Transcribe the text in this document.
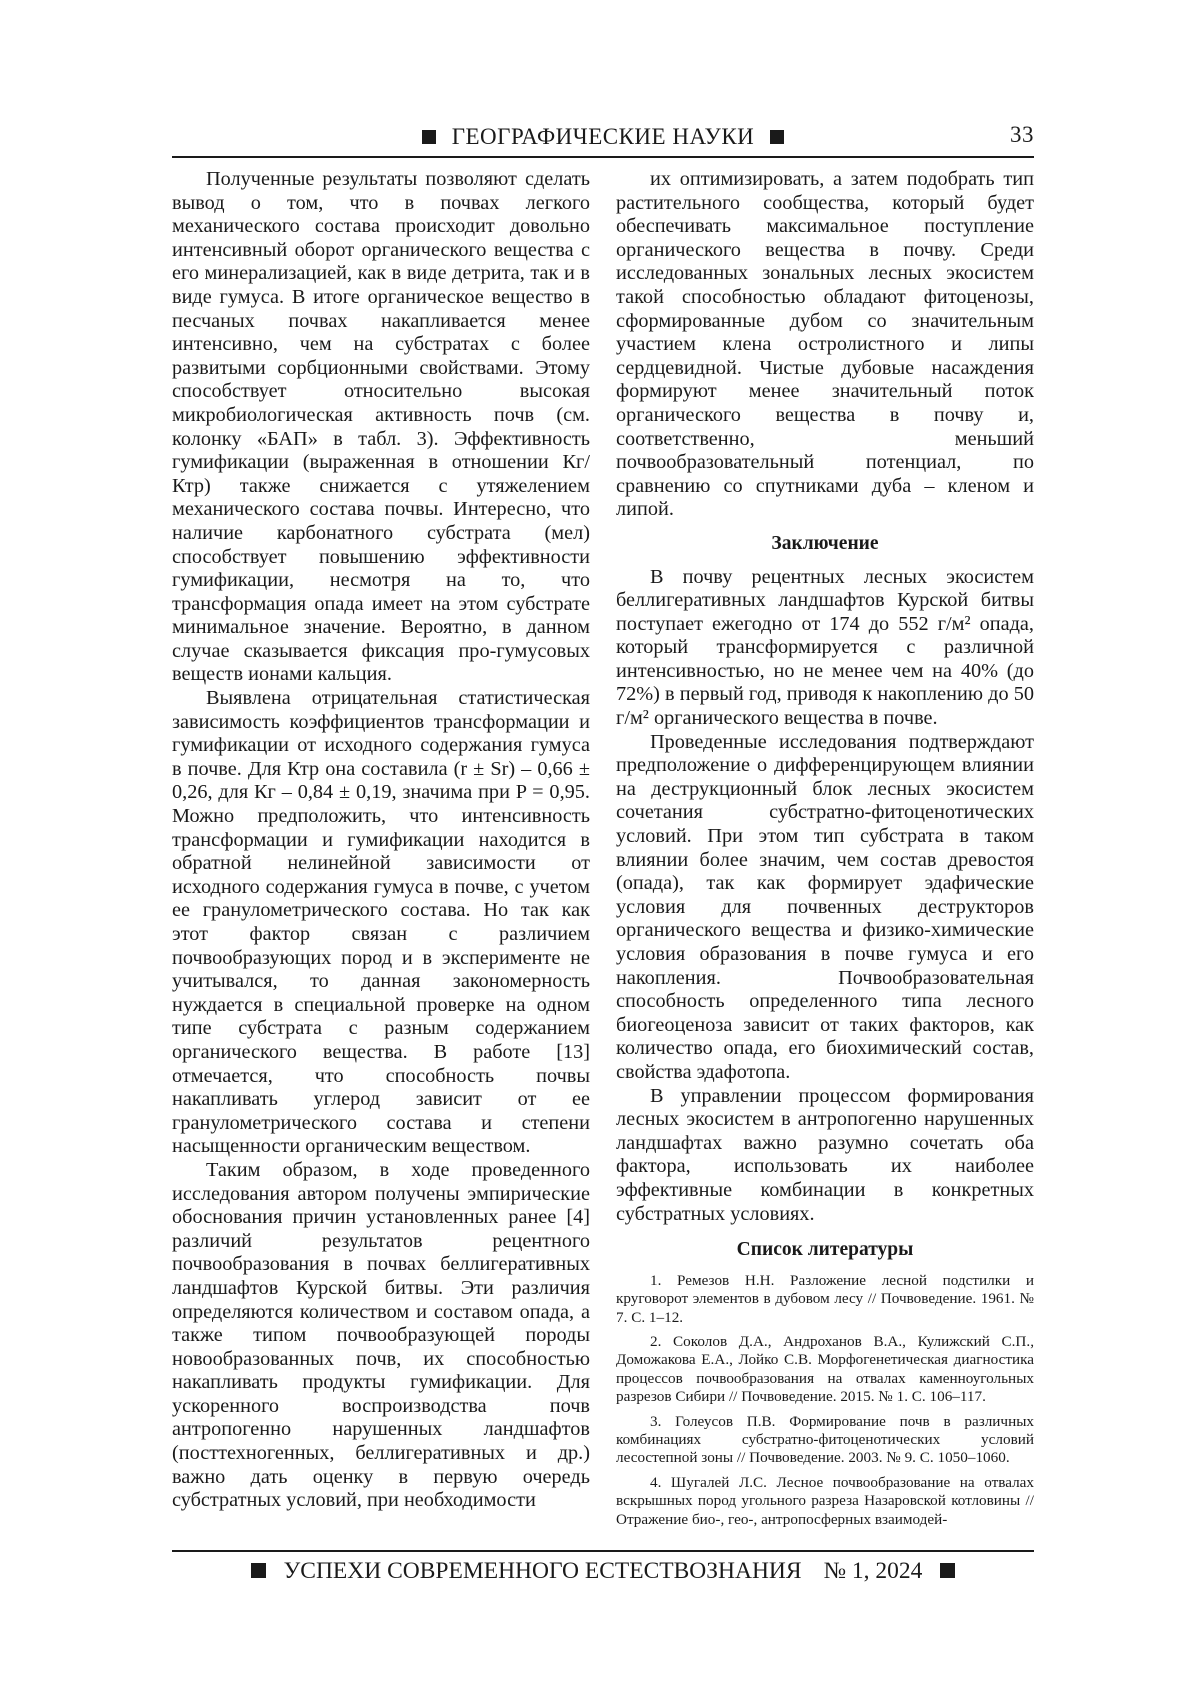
ГЕОГРАФИЧЕСКИЕ НАУКИ	33

Полученные результаты позволяют сделать вывод о том, что в почвах легкого механического состава происходит довольно интенсивный оборот органического вещества с его минерализацией, как в виде детрита, так и в виде гумуса. В итоге органическое вещество в песчаных почвах накапливается менее интенсивно, чем на субстратах с более развитыми сорбционными свойствами. Этому способствует относительно высокая микробиологическая активность почв (см. колонку «БАП» в табл. 3). Эффективность гумификации (выраженная в отношении Кг/Ктр) также снижается с утяжелением механического состава почвы. Интересно, что наличие карбонатного субстрата (мел) способствует повышению эффективности гумификации, несмотря на то, что трансформация опада имеет на этом субстрате минимальное значение. Вероятно, в данном случае сказывается фиксация про-гумусовых веществ ионами кальция.

Выявлена отрицательная статистическая зависимость коэффициентов трансформации и гумификации от исходного содержания гумуса в почве. Для Ктр она составила (r ± Sr) – 0,66 ± 0,26, для Кг – 0,84 ± 0,19, значима при P = 0,95. Можно предположить, что интенсивность трансформации и гумификации находится в обратной нелинейной зависимости от исходного содержания гумуса в почве, с учетом ее гранулометрического состава. Но так как этот фактор связан с различием почвообразующих пород и в эксперименте не учитывался, то данная закономерность нуждается в специальной проверке на одном типе субстрата с разным содержанием органического вещества. В работе [13] отмечается, что способность почвы накапливать углерод зависит от ее гранулометрического состава и степени насыщенности органическим веществом.

Таким образом, в ходе проведенного исследования автором получены эмпирические обоснования причин установленных ранее [4] различий результатов рецентного почвообразования в почвах беллигеративных ландшафтов Курской битвы. Эти различия определяются количеством и составом опада, а также типом почвообразующей породы новообразованных почв, их способностью накапливать продукты гумификации. Для ускоренного воспроизводства почв антропогенно нарушенных ландшафтов (посттехногенных, беллигеративных и др.) важно дать оценку в первую очередь субстратных условий, при необходимости

их оптимизировать, а затем подобрать тип растительного сообщества, который будет обеспечивать максимальное поступление органического вещества в почву. Среди исследованных зональных лесных экосистем такой способностью обладают фитоценозы, сформированные дубом со значительным участием клена остролистного и липы сердцевидной. Чистые дубовые насаждения формируют менее значительный поток органического вещества в почву и, соответственно, меньший почвообразовательный потенциал, по сравнению со спутниками дуба – кленом и липой.

Заключение

В почву рецентных лесных экосистем беллигеративных ландшафтов Курской битвы поступает ежегодно от 174 до 552 г/м² опада, который трансформируется с различной интенсивностью, но не менее чем на 40% (до 72%) в первый год, приводя к накоплению до 50 г/м² органического вещества в почве.

Проведенные исследования подтверждают предположение о дифференцирующем влиянии на деструкционный блок лесных экосистем сочетания субстратно-фитоценотических условий. При этом тип субстрата в таком влиянии более значим, чем состав древостоя (опада), так как формирует эдафические условия для почвенных деструкторов органического вещества и физико-химические условия образования в почве гумуса и его накопления. Почвообразовательная способность определенного типа лесного биогеоценоза зависит от таких факторов, как количество опада, его биохимический состав, свойства эдафотопа.

В управлении процессом формирования лесных экосистем в антропогенно нарушенных ландшафтах важно разумно сочетать оба фактора, использовать их наиболее эффективные комбинации в конкретных субстратных условиях.

Список литературы

1. Ремезов Н.Н. Разложение лесной подстилки и круговорот элементов в дубовом лесу // Почвоведение. 1961. № 7. С. 1–12.

2. Соколов Д.А., Андроханов В.А., Кулижский С.П., Доможакова Е.А., Лойко С.В. Морфогенетическая диагностика процессов почвообразования на отвалах каменноугольных разрезов Сибири // Почвоведение. 2015. № 1. С. 106–117.

3. Голеусов П.В. Формирование почв в различных комбинациях субстратно-фитоценотических условий лесостепной зоны // Почвоведение. 2003. № 9. С. 1050–1060.

4. Шугалей Л.С. Лесное почвообразование на отвалах вскрышных пород угольного разреза Назаровской котловины // Отражение био-, гео-, антропосферных взаимодей-

УСПЕХИ СОВРЕМЕННОГО ЕСТЕСТВОЗНАНИЯ № 1, 2024
